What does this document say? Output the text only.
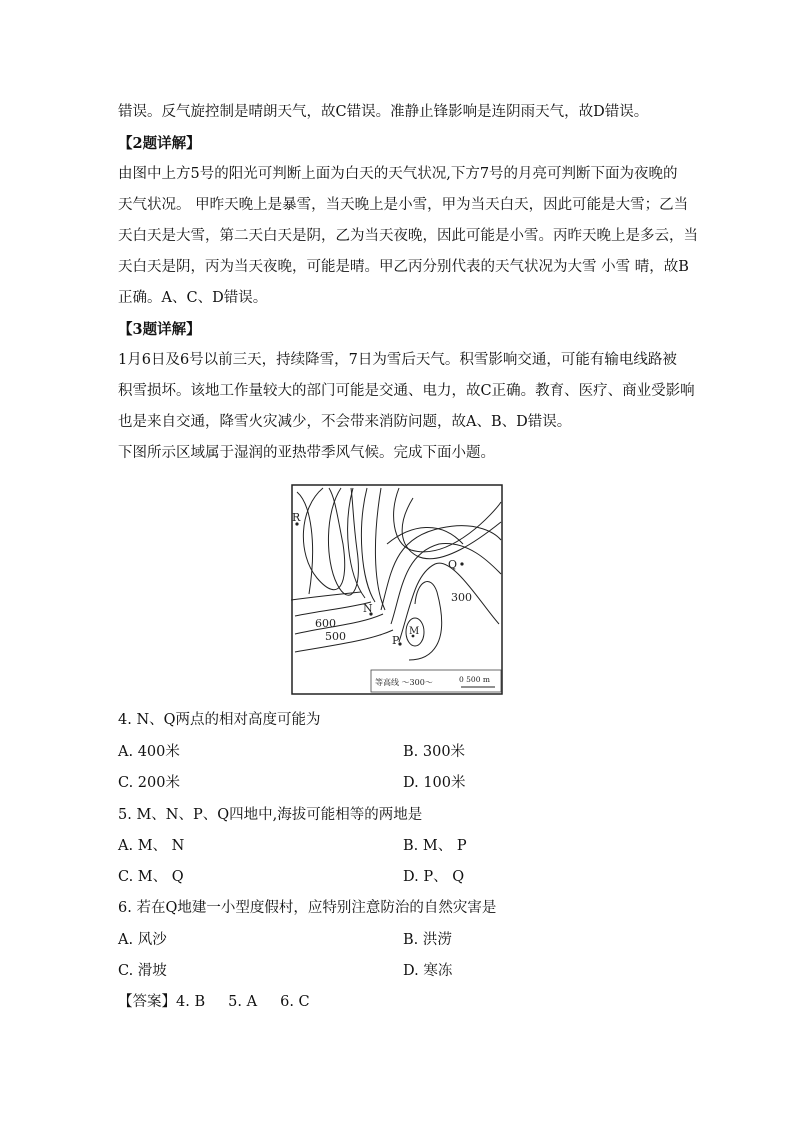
错误。反气旋控制是晴朗天气，故C错误。准静止锋影响是连阴雨天气，故D错误。
【2题详解】
由图中上方5号的阳光可判断上面为白天的天气状况,下方7号的月亮可判断下面为夜晚的
天气状况。 甲昨天晚上是暴雪，当天晚上是小雪，甲为当天白天，因此可能是大雪；乙当
天白天是大雪，第二天白天是阴，乙为当天夜晚，因此可能是小雪。丙昨天晚上是多云，当
天白天是阴，丙为当天夜晚，可能是晴。甲乙丙分别代表的天气状况为大雪 小雪 晴，故B
正确。A、C、D错误。
【3题详解】
1月6日及6号以前三天，持续降雪，7日为雪后天气。积雪影响交通，可能有输电线路被
积雪损坏。该地工作量较大的部门可能是交通、电力，故C正确。教育、医疗、商业受影响
也是来自交通，降雪火灾减少，不会带来消防问题，故A、B、D错误。
下图所示区域属于湿润的亚热带季风气候。完成下面小题。
R
Q
N
P
M
600
500
300
等高线 ～300～	0 500 m
4. N、Q两点的相对高度可能为
A. 400米	B. 300米
C. 200米	D. 100米
5. M、N、P、Q四地中,海拔可能相等的两地是
A. M、 N	B. M、 P
C. M、 Q	D. P、 Q
6. 若在Q地建一小型度假村，应特别注意防治的自然灾害是
A. 风沙	B. 洪涝
C. 滑坡	D. 寒冻
【答案】4. B     5. A     6. C
